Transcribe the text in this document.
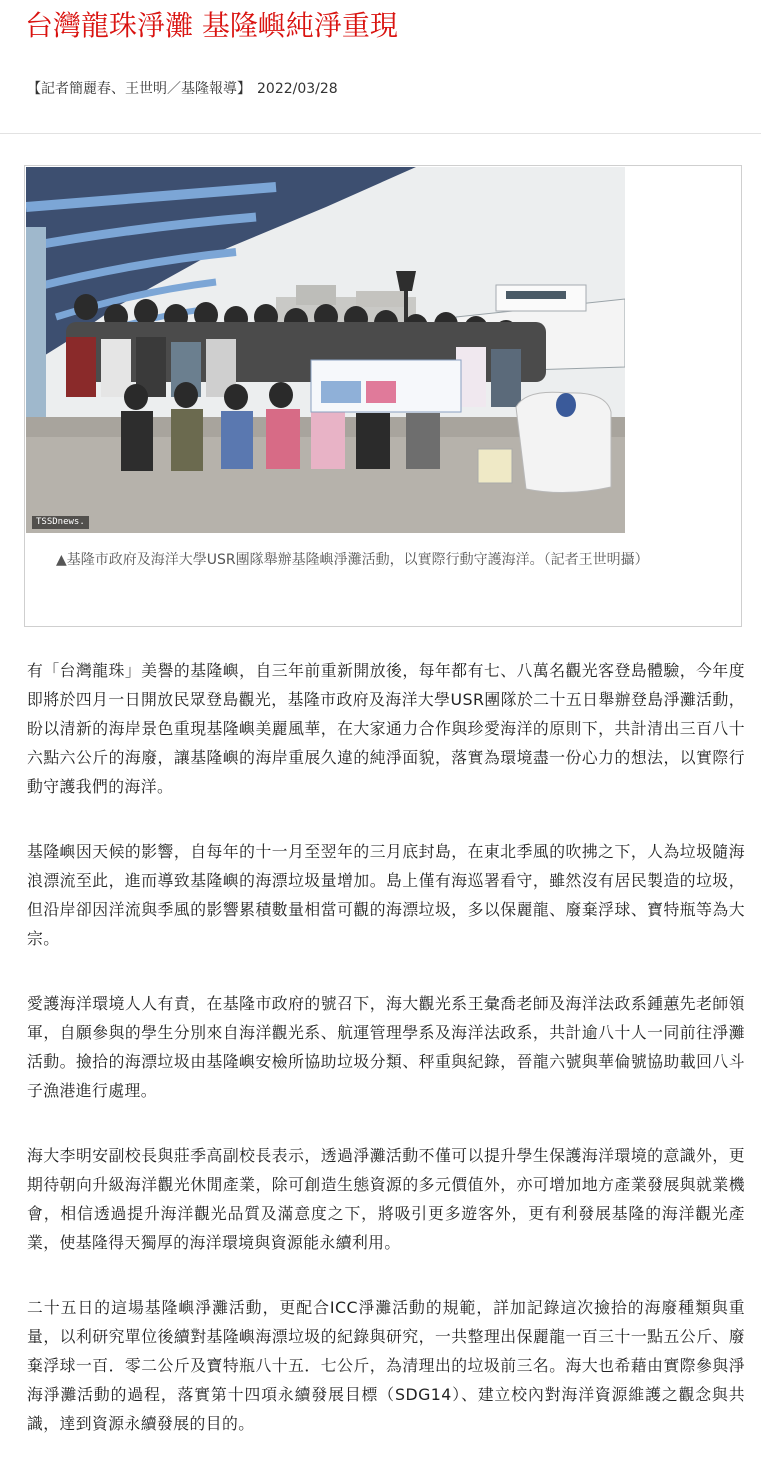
台灣龍珠淨灘 基隆嶼純淨重現
【記者簡麗春、王世明／基隆報導】 2022/03/28
TSSDnews.
▲基隆市政府及海洋大學USR團隊舉辦基隆嶼淨灘活動，以實際行動守護海洋。（記者王世明攝）

有「台灣龍珠」美譽的基隆嶼，自三年前重新開放後，每年都有七、八萬名觀光客登島體驗，今年度即將於四月一日開放民眾登島觀光，基隆市政府及海洋大學USR團隊於二十五日舉辦登島淨灘活動，盼以清新的海岸景色重現基隆嶼美麗風華，在大家通力合作與珍愛海洋的原則下，共計清出三百八十六點六公斤的海廢，讓基隆嶼的海岸重展久違的純淨面貌，落實為環境盡一份心力的想法，以實際行動守護我們的海洋。

基隆嶼因天候的影響，自每年的十一月至翌年的三月底封島，在東北季風的吹拂之下，人為垃圾隨海浪漂流至此，進而導致基隆嶼的海漂垃圾量增加。島上僅有海巡署看守，雖然沒有居民製造的垃圾，但沿岸卻因洋流與季風的影響累積數量相當可觀的海漂垃圾，多以保麗龍、廢棄浮球、寶特瓶等為大宗。

愛護海洋環境人人有責，在基隆市政府的號召下，海大觀光系王彙喬老師及海洋法政系鍾蕙先老師領軍，自願參與的學生分別來自海洋觀光系、航運管理學系及海洋法政系，共計逾八十人一同前往淨灘活動。撿拾的海漂垃圾由基隆嶼安檢所協助垃圾分類、秤重與紀錄，晉龍六號與華倫號協助載回八斗子漁港進行處理。

海大李明安副校長與莊季高副校長表示，透過淨灘活動不僅可以提升學生保護海洋環境的意識外，更期待朝向升級海洋觀光休閒產業，除可創造生態資源的多元價值外，亦可增加地方產業發展與就業機會，相信透過提升海洋觀光品質及滿意度之下，將吸引更多遊客外，更有利發展基隆的海洋觀光產業，使基隆得天獨厚的海洋環境與資源能永續利用。

二十五日的這場基隆嶼淨灘活動，更配合ICC淨灘活動的規範，詳加記錄這次撿拾的海廢種類與重量，以利研究單位後續對基隆嶼海漂垃圾的紀錄與研究，一共整理出保麗龍一百三十一點五公斤、廢棄浮球一百．零二公斤及寶特瓶八十五．七公斤，為清理出的垃圾前三名。海大也希藉由實際參與淨海淨灘活動的過程，落實第十四項永續發展目標（SDG14）、建立校內對海洋資源維護之觀念與共識，達到資源永續發展的目的。
